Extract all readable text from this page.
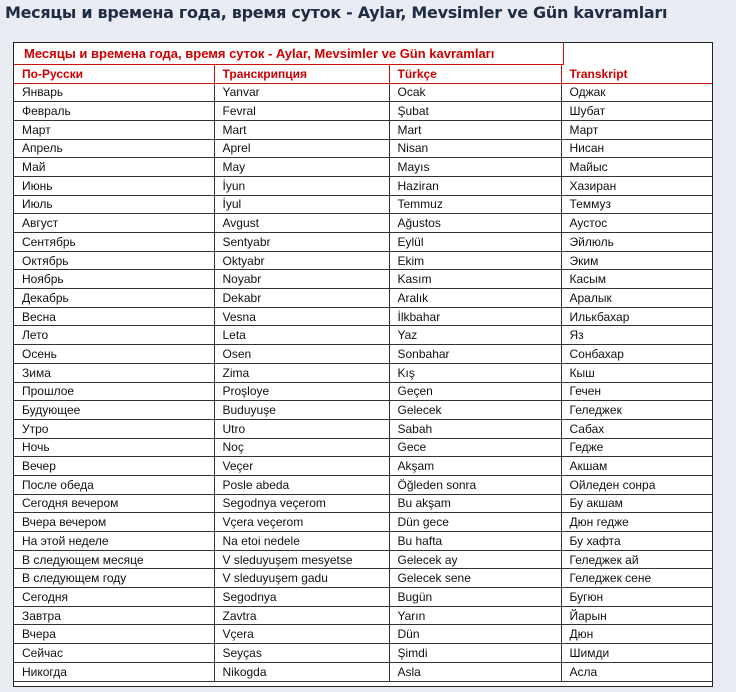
Месяцы и времена года, время суток - Aylar, Mevsimler ve Gün kavramları
Месяцы и времена года, время суток - Aylar, Mevsimler ve Gün kavramları
По-Русски	Транскрипция	Türkçe	Transkript
Январь	Yanvar	Ocak	Оджак
Февраль	Fevral	Şubat	Шубат
Март	Mart	Mart	Март
Апрель	Aprel	Nisan	Нисан
Май	May	Mayıs	Майыс
Июнь	İyun	Haziran	Хазиран
Июль	İyul	Temmuz	Теммуз
Август	Avgust	Ağustos	Аустос
Сентябрь	Sentyabr	Eylül	Эйлюль
Октябрь	Oktyabr	Ekim	Эким
Ноябрь	Noyabr	Kasım	Касым
Декабрь	Dekabr	Aralık	Аралык
Весна	Vesna	İlkbahar	Илькбахар
Лето	Leta	Yaz	Яз
Осень	Osen	Sonbahar	Сонбахар
Зима	Zima	Kış	Кыш
Прошлое	Proşloye	Geçen	Гечен
Будующее	Buduyuşe	Gelecek	Геледжек
Утро	Utro	Sabah	Сабах
Ночь	Noç	Gece	Гедже
Вечер	Veçer	Akşam	Акшам
После обеда	Posle abeda	Öğleden sonra	Ойледен сонра
Сегодня вечером	Segodnya veçerom	Bu akşam	Бу акшам
Вчера вечером	Vçera veçerom	Dün gece	Дюн гедже
На этой неделе	Na etoi nedele	Bu hafta	Бу хафта
В следующем месяце	V sleduyuşem mesyetse	Gelecek ay	Геледжек ай
В следующем году	V sleduyuşem gadu	Gelecek sene	Геледжек сене
Сегодня	Segodnya	Bugün	Бугюн
Завтра	Zavtra	Yarın	Йарын
Вчера	Vçera	Dün	Дюн
Сейчас	Seyças	Şimdi	Шимди
Никогда	Nikogda	Asla	Асла
